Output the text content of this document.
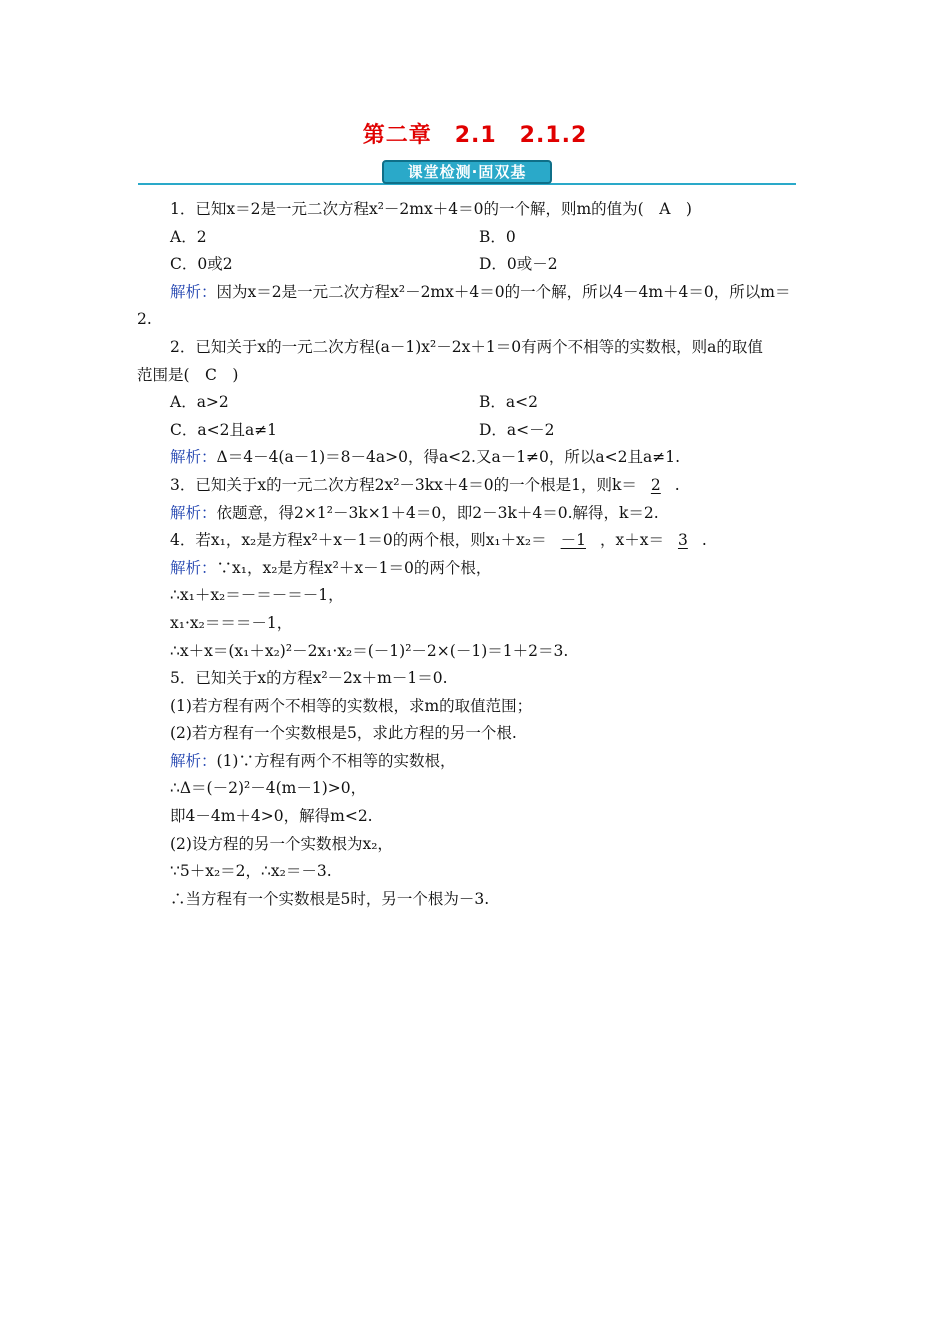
第二章　2.1　2.1.2
课堂检测·固双基
1．已知x＝2是一元二次方程x²－2mx＋4＝0的一个解，则m的值为(　A　)
A．2	B．0
C．0或2	D．0或－2
解析：因为x＝2是一元二次方程x²－2mx＋4＝0的一个解，所以4－4m＋4＝0，所以m＝
2.
2．已知关于x的一元二次方程(a－1)x²－2x＋1＝0有两个不相等的实数根，则a的取值
范围是(　C　)
A．a>2	B．a<2
C．a<2且a≠1	D．a<－2
解析：Δ＝4－4(a－1)＝8－4a>0，得a<2.又a－1≠0，所以a<2且a≠1.
3．已知关于x的一元二次方程2x²－3kx＋4＝0的一个根是1，则k＝ 2 .
解析：依题意，得2×1²－3k×1＋4＝0，即2－3k＋4＝0.解得，k＝2.
4．若x₁，x₂是方程x²＋x－1＝0的两个根，则x₁＋x₂＝ －1 ，x＋x＝ 3 .
解析：∵x₁，x₂是方程x²＋x－1＝0的两个根，
∴x₁＋x₂＝－＝－＝－1，
x₁·x₂＝＝＝－1，
∴x＋x＝(x₁＋x₂)²－2x₁·x₂＝(－1)²－2×(－1)＝1＋2＝3.
5．已知关于x的方程x²－2x＋m－1＝0.
(1)若方程有两个不相等的实数根，求m的取值范围；
(2)若方程有一个实数根是5，求此方程的另一个根.
解析：(1)∵方程有两个不相等的实数根，
∴Δ＝(－2)²－4(m－1)>0，
即4－4m＋4>0，解得m<2.
(2)设方程的另一个实数根为x₂，
∵5＋x₂＝2，∴x₂＝－3.
∴当方程有一个实数根是5时，另一个根为－3.
